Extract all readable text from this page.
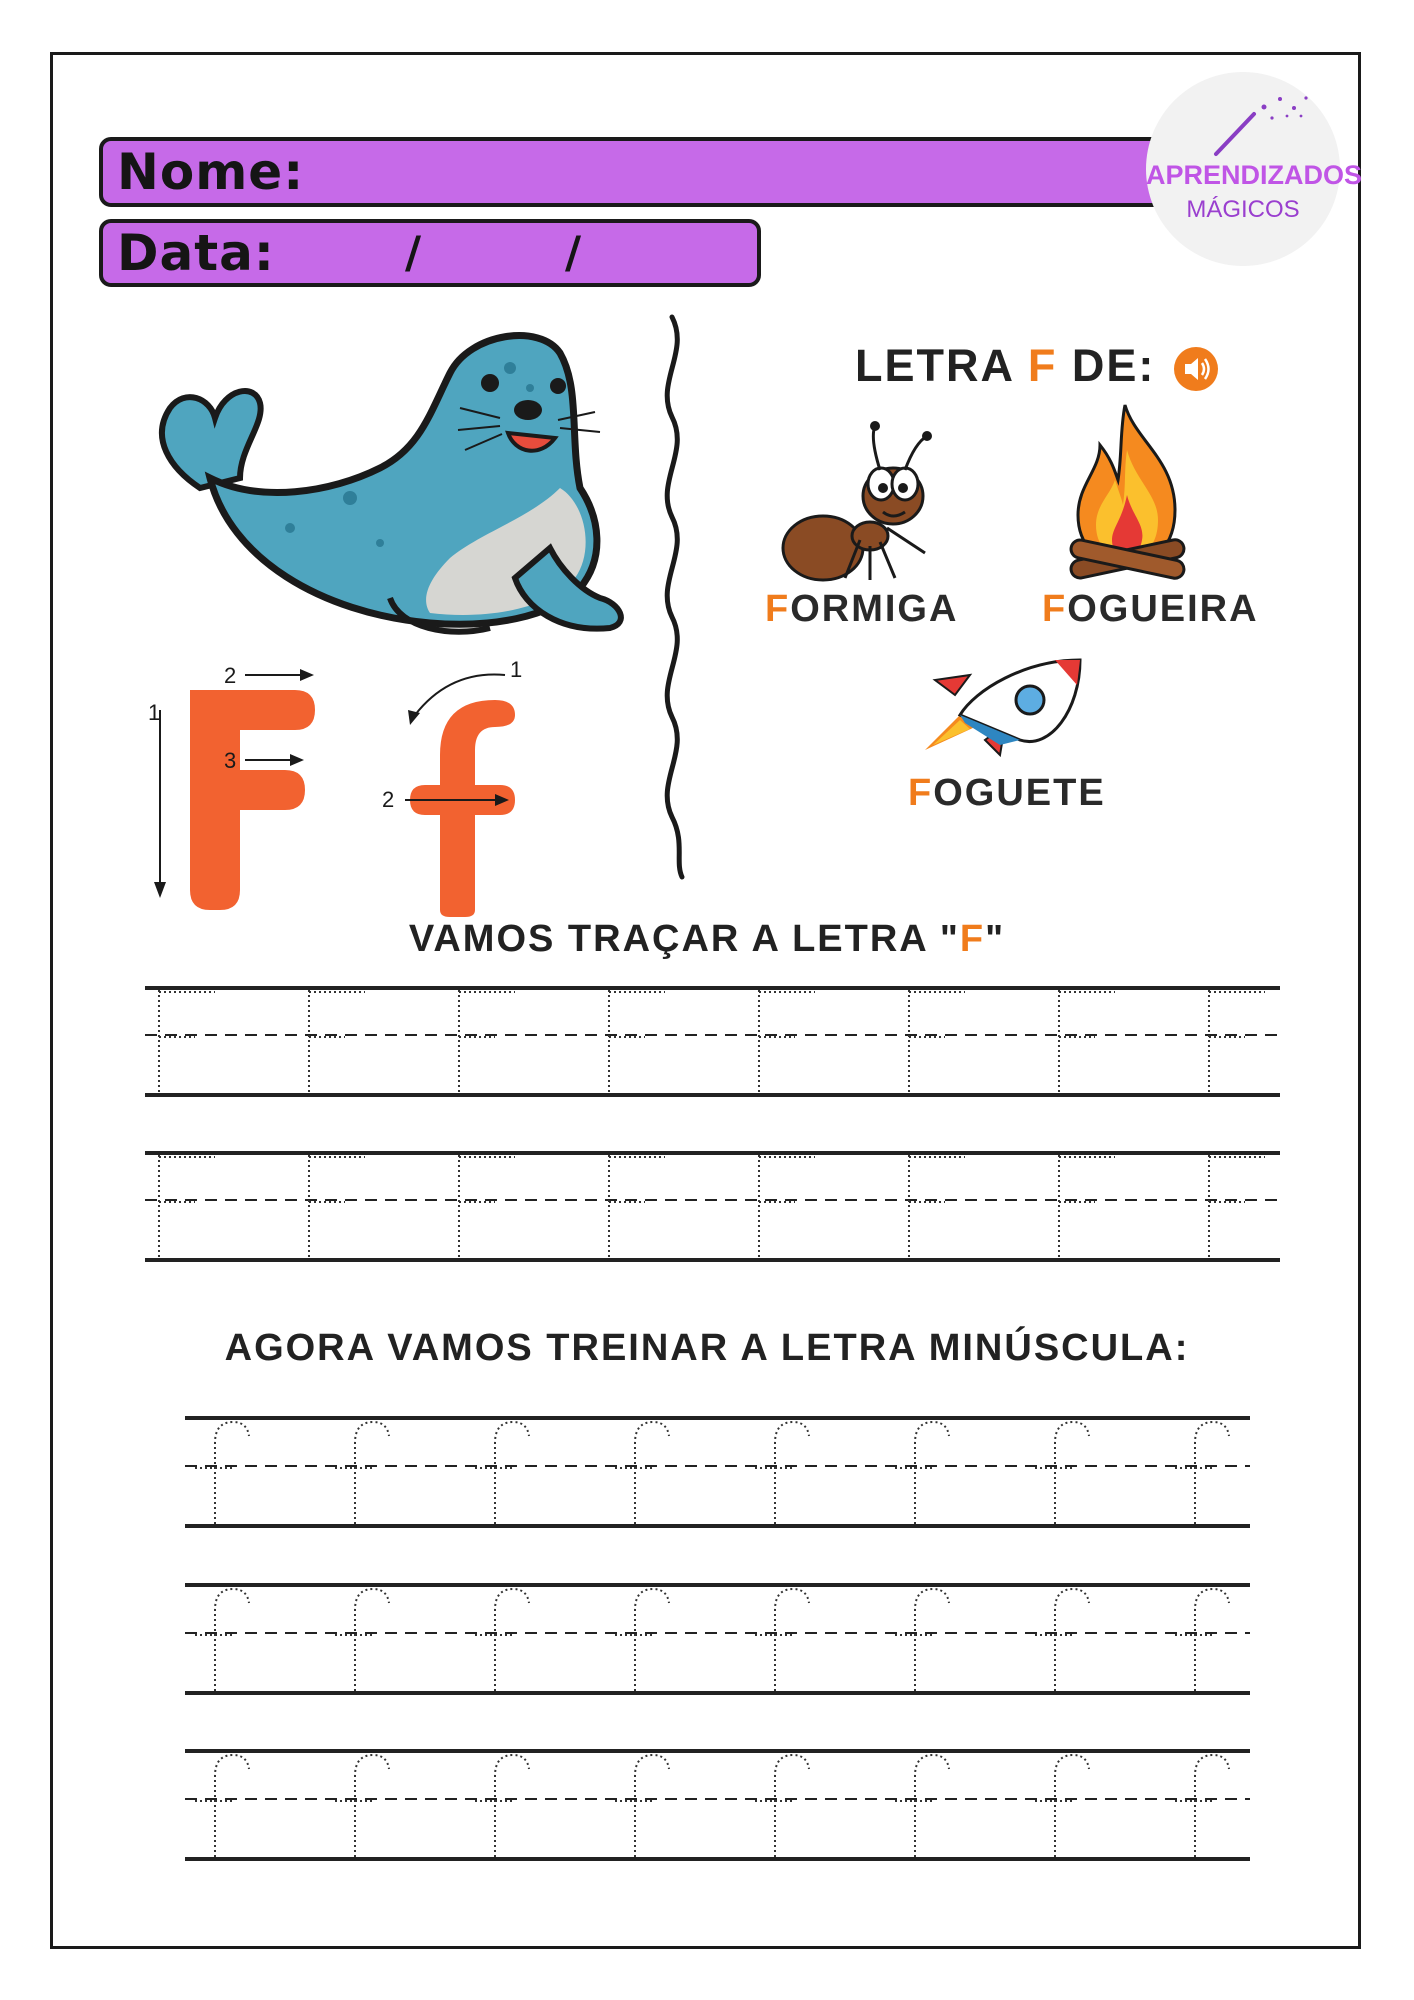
Nome:
Data:	/	/
APRENDIZADOS
MÁGICOS
1
2
3
1
2
LETRA F DE:
FORMIGA FOGUEIRA
FOGUETE
VAMOS TRAÇAR A LETRA "F"
AGORA VAMOS TREINAR A LETRA MINÚSCULA:
